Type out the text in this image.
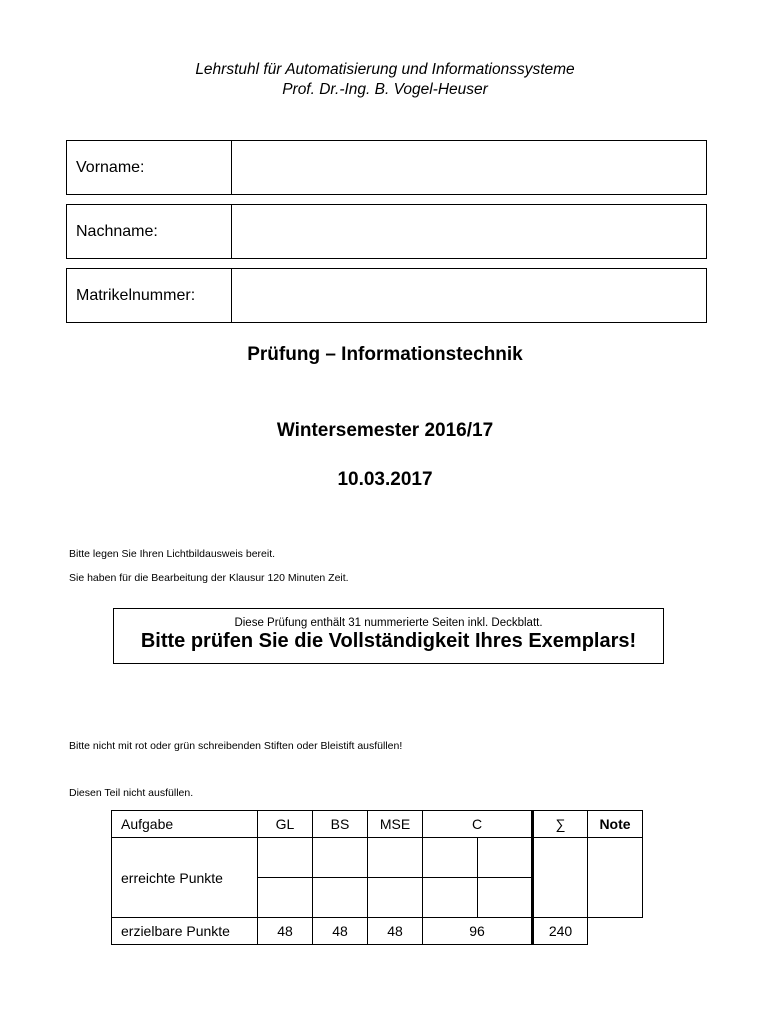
Lehrstuhl für Automatisierung und Informationssysteme
Prof. Dr.-Ing. B. Vogel-Heuser
Vorname:
Nachname:
Matrikelnummer:
Prüfung – Informationstechnik
Wintersemester 2016/17
10.03.2017
Bitte legen Sie Ihren Lichtbildausweis bereit.
Sie haben für die Bearbeitung der Klausur 120 Minuten Zeit.
Diese Prüfung enthält 31 nummerierte Seiten inkl. Deckblatt.
Bitte prüfen Sie die Vollständigkeit Ihres Exemplars!
Bitte nicht mit rot oder grün schreibenden Stiften oder Bleistift ausfüllen!
Diesen Teil nicht ausfüllen.
Aufgabe	GL	BS	MSE	C		∑	Note
erreichte Punkte							

erzielbare Punkte	48	48	48	96		240	
